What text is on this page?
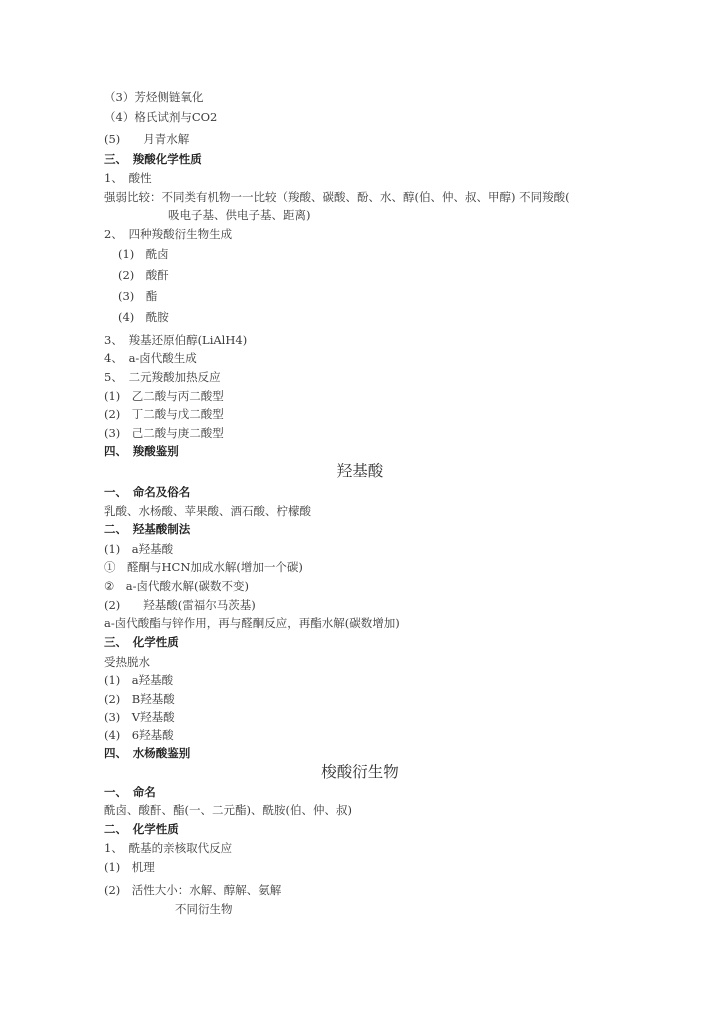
（3）芳烃侧链氧化
（4）格氏试剂与CO2
(5)　　月青水解
三、　羧酸化学性质
1、　酸性
强弱比较：不同类有机物一一比较（羧酸、碳酸、酚、水、醇(伯、仲、叔、甲醇) 不同羧酸(
吸电子基、供电子基、距离)
2、　四种羧酸衍生物生成
(1)　酰卤
(2)　酸酐
(3)　酯
(4)　酰胺
3、　羧基还原伯醇(LiAlH4)
4、　a-卤代酸生成
5、　二元羧酸加热反应
(1)　乙二酸与丙二酸型
(2)　丁二酸与戊二酸型
(3)　己二酸与庚二酸型
四、　羧酸鉴别
羟基酸
一、　命名及俗名
乳酸、水杨酸、苹果酸、酒石酸、柠檬酸
二、　羟基酸制法
(1)　a羟基酸
①　醛酮与HCN加成水解(增加一个碳)
②　a-卤代酸水解(碳数不变)
(2)　　羟基酸(雷福尔马茨基)
a-卤代酸酯与锌作用，再与醛酮反应，再酯水解(碳数增加)
三、　化学性质
受热脱水
(1)　a羟基酸
(2)　B羟基酸
(3)　V羟基酸
(4)　6羟基酸
四、　水杨酸鉴别
梭酸衍生物
一、　命名
酰卤、酸酐、酯(一、二元酯)、酰胺(伯、仲、叔)
二、　化学性质
1、　酰基的亲核取代反应
(1)　机理
(2)　活性大小：水解、醇解、氨解
不同衍生物
